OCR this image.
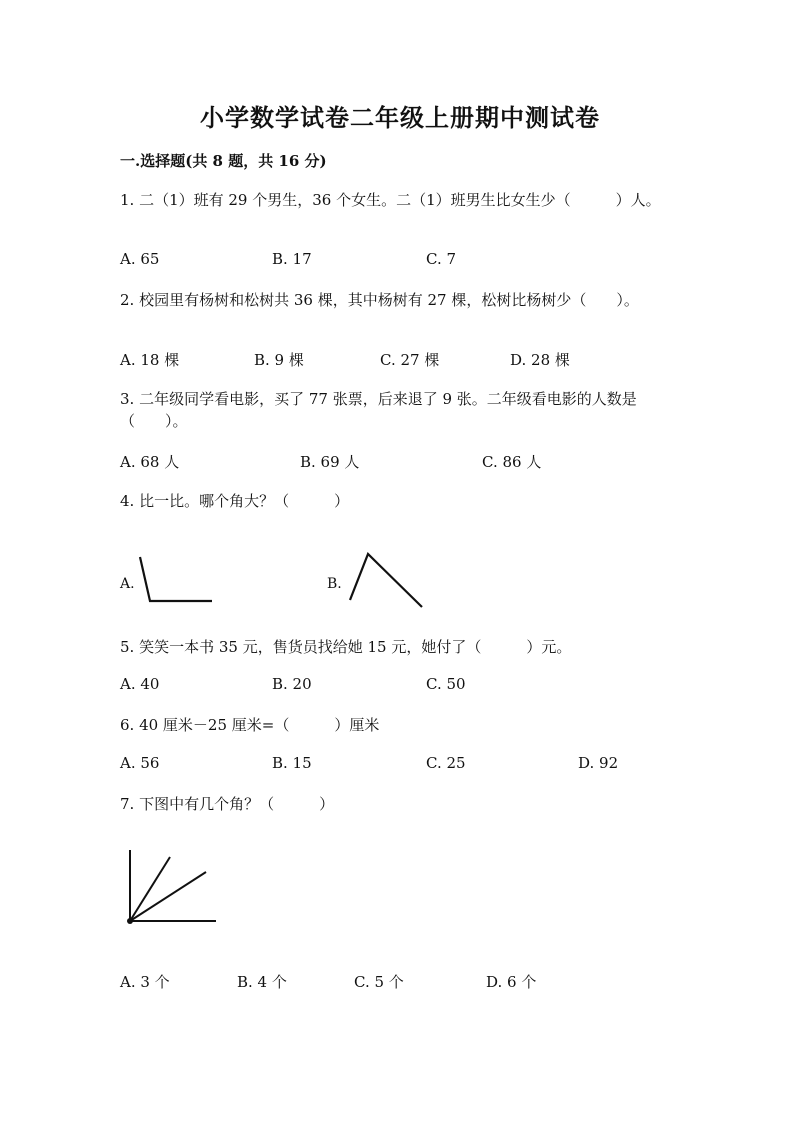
小学数学试卷二年级上册期中测试卷
一.选择题(共 8 题，共 16 分)
1. 二（1）班有 29 个男生，36 个女生。二（1）班男生比女生少（　　　）人。
A. 65	B. 17	C. 7
2. 校园里有杨树和松树共 36 棵，其中杨树有 27 棵，松树比杨树少（　　）。
A. 18 棵	B. 9 棵	C. 27 棵	D. 28 棵
3. 二年级同学看电影，买了 77 张票，后来退了 9 张。二年级看电影的人数是
（　　）。
A. 68 人	B. 69 人	C. 86 人
4. 比一比。哪个角大？（　　　）
A.	B.
5. 笑笑一本书 35 元，售货员找给她 15 元，她付了（　　　）元。
A. 40	B. 20	C. 50
6. 40 厘米－25 厘米=（　　　）厘米
A. 56	B. 15	C. 25	D. 92
7. 下图中有几个角？（　　　）
A. 3 个	B. 4 个	C. 5 个	D. 6 个
